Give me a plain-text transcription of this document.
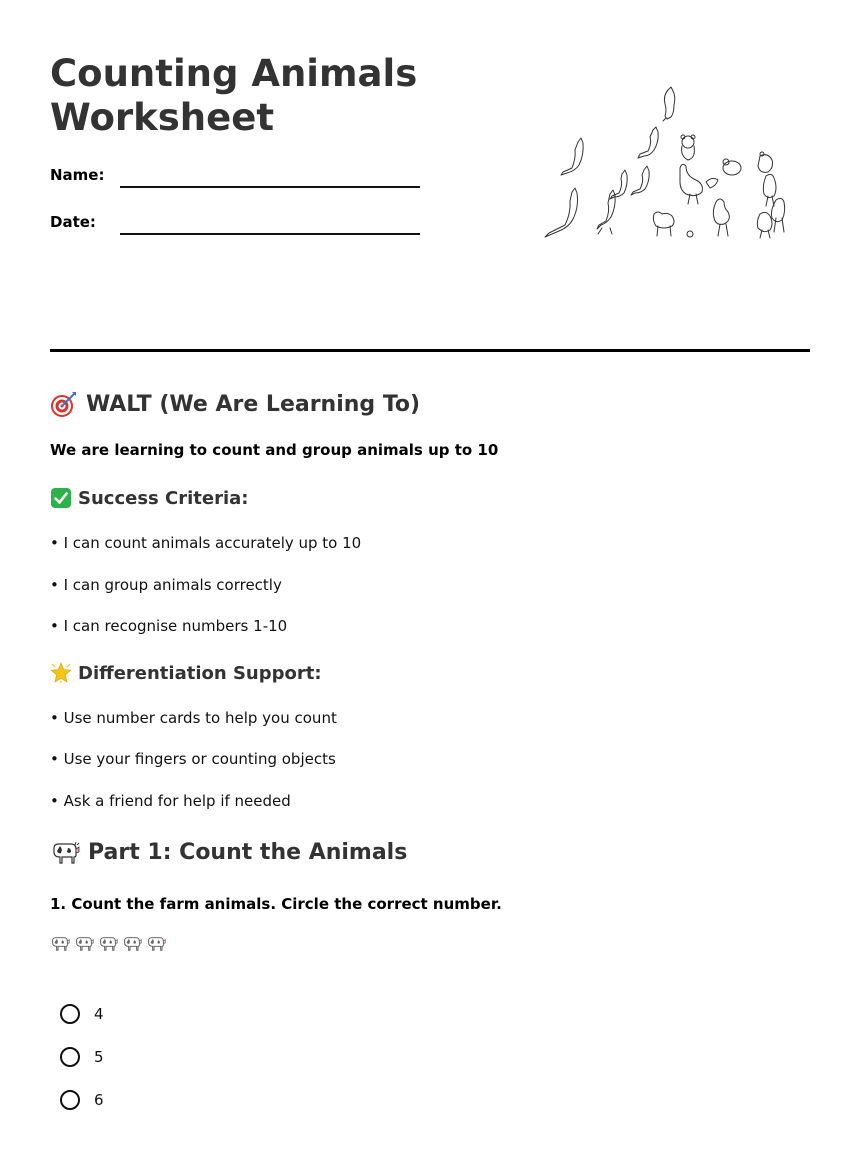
Counting Animals
Worksheet
Name:
Date:
WALT (We Are Learning To)
We are learning to count and group animals up to 10
Success Criteria:
• I can count animals accurately up to 10
• I can group animals correctly
• I can recognise numbers 1-10
Differentiation Support:
• Use number cards to help you count
• Use your fingers or counting objects
• Ask a friend for help if needed
Part 1: Count the Animals
1. Count the farm animals. Circle the correct number.
4
5
6
